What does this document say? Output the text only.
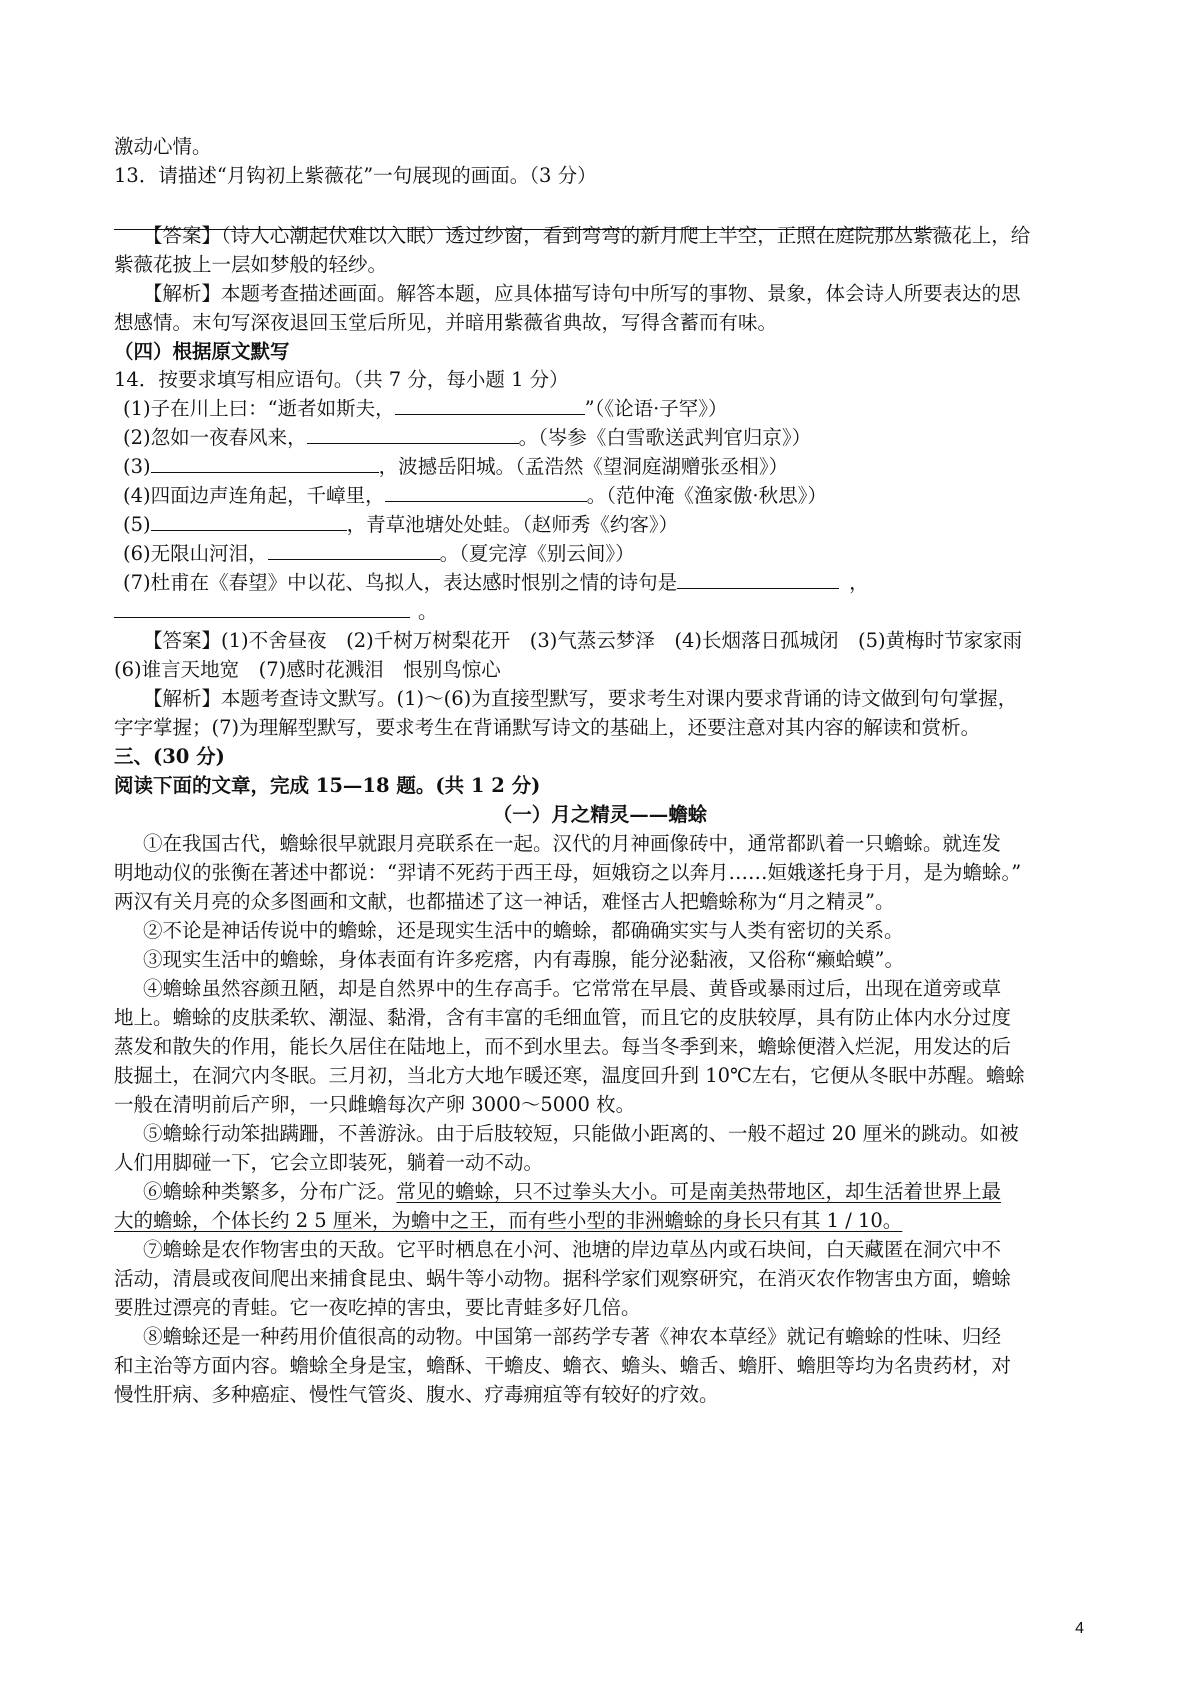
激动心情。
13．请描述“月钩初上紫薇花”一句展现的画面。（3 分）
【答案】（诗人心潮起伏难以入眠）透过纱窗，看到弯弯的新月爬上半空，正照在庭院那丛紫薇花上，给
紫薇花披上一层如梦般的轻纱。
【解析】本题考查描述画面。解答本题，应具体描写诗句中所写的事物、景象，体会诗人所要表达的思
想感情。末句写深夜退回玉堂后所见，并暗用紫薇省典故，写得含蓄而有味。
（四）根据原文默写
14．按要求填写相应语句。（共 7 分，每小题 1 分）
(1)子在川上曰：“逝者如斯夫，	”（《论语·子罕》）
(2)忽如一夜春风来，	。（岑参《白雪歌送武判官归京》）
(3)	，波撼岳阳城。（孟浩然《望洞庭湖赠张丞相》）
(4)四面边声连角起，千嶂里，	。（范仲淹《渔家傲·秋思》）
(5)	，青草池塘处处蛙。（赵师秀《约客》）
(6)无限山河泪，	。（夏完淳《别云间》）
(7)杜甫在《春望》中以花、鸟拟人，表达感时恨别之情的诗句是	，
。
【答案】(1)不舍昼夜　(2)千树万树梨花开　(3)气蒸云梦泽　(4)长烟落日孤城闭　(5)黄梅时节家家雨
(6)谁言天地宽　(7)感时花溅泪　恨别鸟惊心
【解析】本题考查诗文默写。(1)～(6)为直接型默写，要求考生对课内要求背诵的诗文做到句句掌握，
字字掌握；(7)为理解型默写，要求考生在背诵默写诗文的基础上，还要注意对其内容的解读和赏析。
三、(30 分)
阅读下面的文章，完成 15—18 题。(共 1 2 分)
（一）月之精灵——蟾蜍
①在我国古代，蟾蜍很早就跟月亮联系在一起。汉代的月神画像砖中，通常都趴着一只蟾蜍。就连发
明地动仪的张衡在著述中都说：“羿请不死药于西王母，姮娥窃之以奔月……姮娥遂托身于月，是为蟾蜍。”
两汉有关月亮的众多图画和文献，也都描述了这一神话，难怪古人把蟾蜍称为“月之精灵”。
②不论是神话传说中的蟾蜍，还是现实生活中的蟾蜍，都确确实实与人类有密切的关系。
③现实生活中的蟾蜍，身体表面有许多疙瘩，内有毒腺，能分泌黏液，又俗称“癞蛤蟆”。
④蟾蜍虽然容颜丑陋，却是自然界中的生存高手。它常常在早晨、黄昏或暴雨过后，出现在道旁或草
地上。蟾蜍的皮肤柔软、潮湿、黏滑，含有丰富的毛细血管，而且它的皮肤较厚，具有防止体内水分过度
蒸发和散失的作用，能长久居住在陆地上，而不到水里去。每当冬季到来，蟾蜍便潜入烂泥，用发达的后
肢掘土，在洞穴内冬眠。三月初，当北方大地乍暖还寒，温度回升到 10℃左右，它便从冬眠中苏醒。蟾蜍
一般在清明前后产卵，一只雌蟾每次产卵 3000～5000 枚。
⑤蟾蜍行动笨拙蹒跚，不善游泳。由于后肢较短，只能做小距离的、一般不超过 20 厘米的跳动。如被
人们用脚碰一下，它会立即装死，躺着一动不动。
⑥蟾蜍种类繁多，分布广泛。常见的蟾蜍，只不过拳头大小。可是南美热带地区，却生活着世界上最
大的蟾蜍，个体长约 2 5 厘米，为蟾中之王，而有些小型的非洲蟾蜍的身长只有其 1 / 10。
⑦蟾蜍是农作物害虫的天敌。它平时栖息在小河、池塘的岸边草丛内或石块间，白天藏匿在洞穴中不
活动，清晨或夜间爬出来捕食昆虫、蜗牛等小动物。据科学家们观察研究，在消灭农作物害虫方面，蟾蜍
要胜过漂亮的青蛙。它一夜吃掉的害虫，要比青蛙多好几倍。
⑧蟾蜍还是一种药用价值很高的动物。中国第一部药学专著《神农本草经》就记有蟾蜍的性味、归经
和主治等方面内容。蟾蜍全身是宝，蟾酥、干蟾皮、蟾衣、蟾头、蟾舌、蟾肝、蟾胆等均为名贵药材，对
慢性肝病、多种癌症、慢性气管炎、腹水、疗毒痈疽等有较好的疗效。
4
